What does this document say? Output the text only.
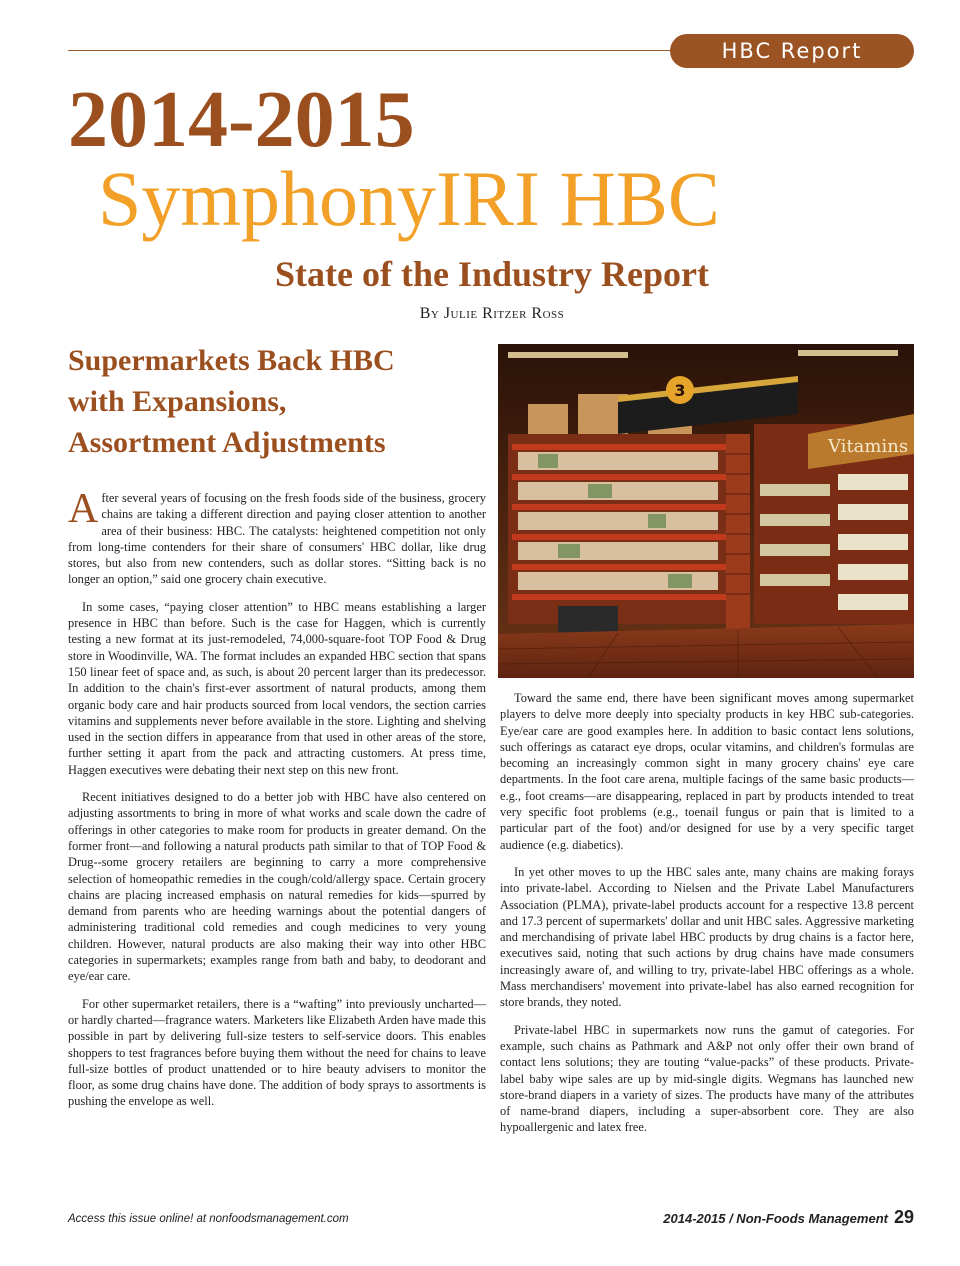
HBC Report
2014-2015
SymphonyIRI HBC
State of the Industry Report
By Julie Ritzer Ross
Supermarkets Back HBC
with Expansions,
Assortment Adjustments
3
Vitamins

After several years of focusing on the fresh foods side of the business, grocery chains are taking a different direction and paying closer attention to another area of their business: HBC. The catalysts: heightened competition not only from long-time contenders for their share of consumers' HBC dollar, like drug stores, but also from new contenders, such as dollar stores. “Sitting back is no longer an option,” said one grocery chain executive.

In some cases, “paying closer attention” to HBC means establishing a larger presence in HBC than before. Such is the case for Haggen, which is currently testing a new format at its just-remodeled, 74,000-square-foot TOP Food & Drug store in Woodinville, WA. The format includes an expanded HBC section that spans 150 linear feet of space and, as such, is about 20 percent larger than its predecessor. In addition to the chain's first-ever assortment of natural products, among them organic body care and hair products sourced from local vendors, the section carries vitamins and supplements never before available in the store. Lighting and shelving used in the section differs in appearance from that used in other areas of the store, further setting it apart from the pack and attracting customers. At press time, Haggen executives were debating their next step on this new front.

Recent initiatives designed to do a better job with HBC have also centered on adjusting assortments to bring in more of what works and scale down the cadre of offerings in other categories to make room for products in greater demand. On the former front—and following a natural products path similar to that of TOP Food & Drug--some grocery retailers are beginning to carry a more comprehensive selection of homeopathic remedies in the cough/cold/allergy space. Certain grocery chains are placing increased emphasis on natural remedies for kids—spurred by demand from parents who are heeding warnings about the potential dangers of administering traditional cold remedies and cough medicines to very young children. However, natural products are also making their way into other HBC categories in supermarkets; examples range from bath and baby, to deodorant and eye/ear care.

For other supermarket retailers, there is a “wafting” into previously uncharted—or hardly charted—fragrance waters. Marketers like Elizabeth Arden have made this possible in part by delivering full-size testers to self-service doors. This enables shoppers to test fragrances before buying them without the need for chains to leave full-size bottles of product unattended or to hire beauty advisers to monitor the floor, as some drug chains have done. The addition of body sprays to assortments is pushing the envelope as well.

Toward the same end, there have been significant moves among supermarket players to delve more deeply into specialty products in key HBC sub-categories. Eye/ear care are good examples here. In addition to basic contact lens solutions, such offerings as cataract eye drops, ocular vitamins, and children's formulas are becoming an increasingly common sight in many grocery chains' eye care departments. In the foot care arena, multiple facings of the same basic products—e.g., foot creams—are disappearing, replaced in part by products intended to treat very specific foot problems (e.g., toenail fungus or pain that is limited to a particular part of the foot) and/or designed for use by a very specific target audience (e.g. diabetics).

In yet other moves to up the HBC sales ante, many chains are making forays into private-label. According to Nielsen and the Private Label Manufacturers Association (PLMA), private-label products account for a respective 13.8 percent and 17.3 percent of supermarkets' dollar and unit HBC sales. Aggressive marketing and merchandising of private label HBC products by drug chains is a factor here, executives said, noting that such actions by drug chains have made consumers increasingly aware of, and willing to try, private-label HBC offerings as a whole. Mass merchandisers' movement into private-label has also earned recognition for store brands, they noted.

Private-label HBC in supermarkets now runs the gamut of categories. For example, such chains as Pathmark and A&P not only offer their own brand of contact lens solutions; they are touting “value-packs” of these products. Private-label baby wipe sales are up by mid-single digits. Wegmans has launched new store-brand diapers in a variety of sizes. The products have many of the attributes of name-brand diapers, including a super-absorbent core. They are also hypoallergenic and latex free.

Access this issue online! at nonfoodsmanagement.com	2014-2015 / Non-Foods Management 29
